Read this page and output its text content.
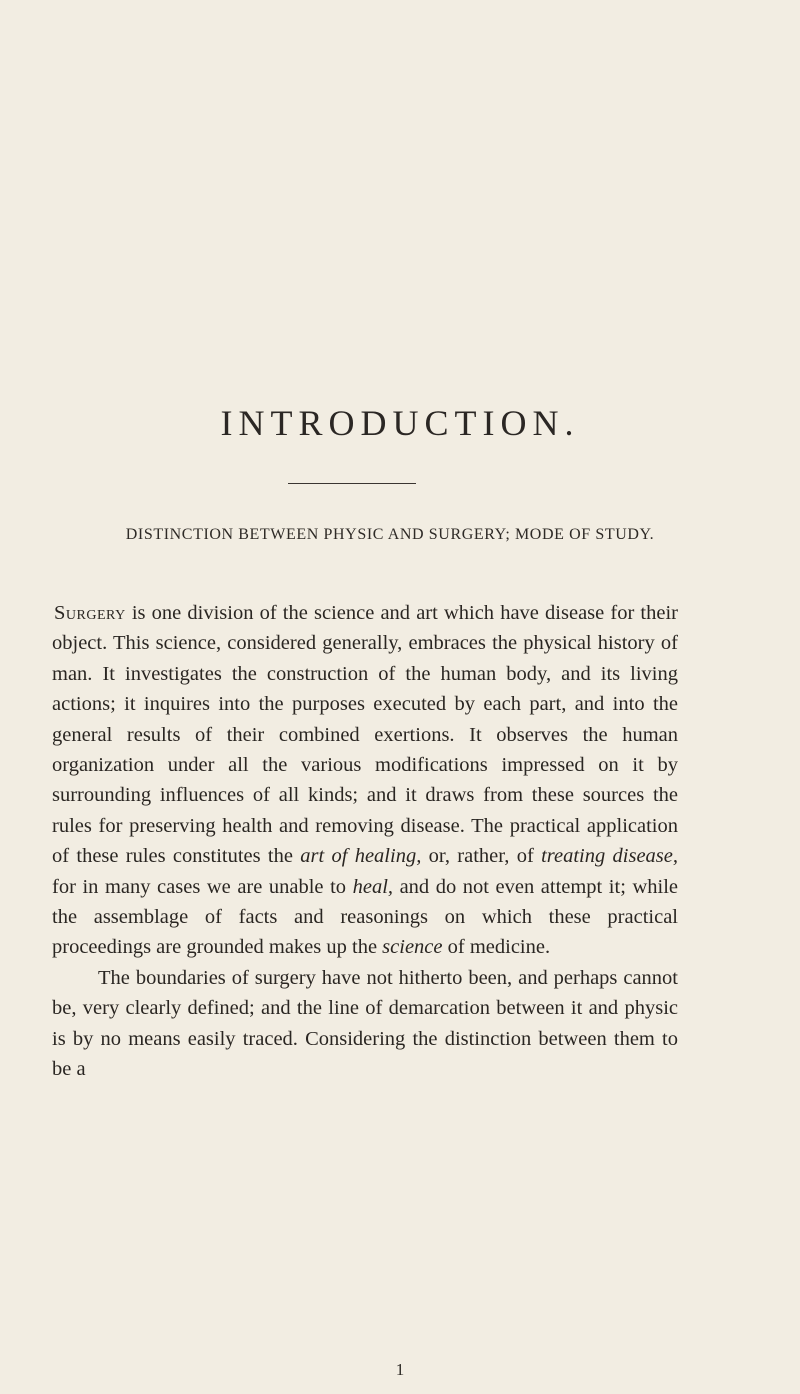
INTRODUCTION.
DISTINCTION BETWEEN PHYSIC AND SURGERY; MODE OF STUDY.

Surgery is one division of the science and art which have disease for their object. This science, considered generally, embraces the physical history of man. It investigates the construction of the human body, and its living actions; it inquires into the purposes executed by each part, and into the general results of their combined exertions. It observes the human organization under all the various modifications impressed on it by surrounding influences of all kinds; and it draws from these sources the rules for preserving health and removing disease. The practical application of these rules constitutes the art of healing, or, rather, of treating disease, for in many cases we are unable to heal, and do not even attempt it; while the assemblage of facts and reasonings on which these practical proceedings are grounded makes up the science of medicine.

The boundaries of surgery have not hitherto been, and perhaps cannot be, very clearly defined; and the line of demarcation between it and physic is by no means easily traced. Considering the distinction between them to be a

1
